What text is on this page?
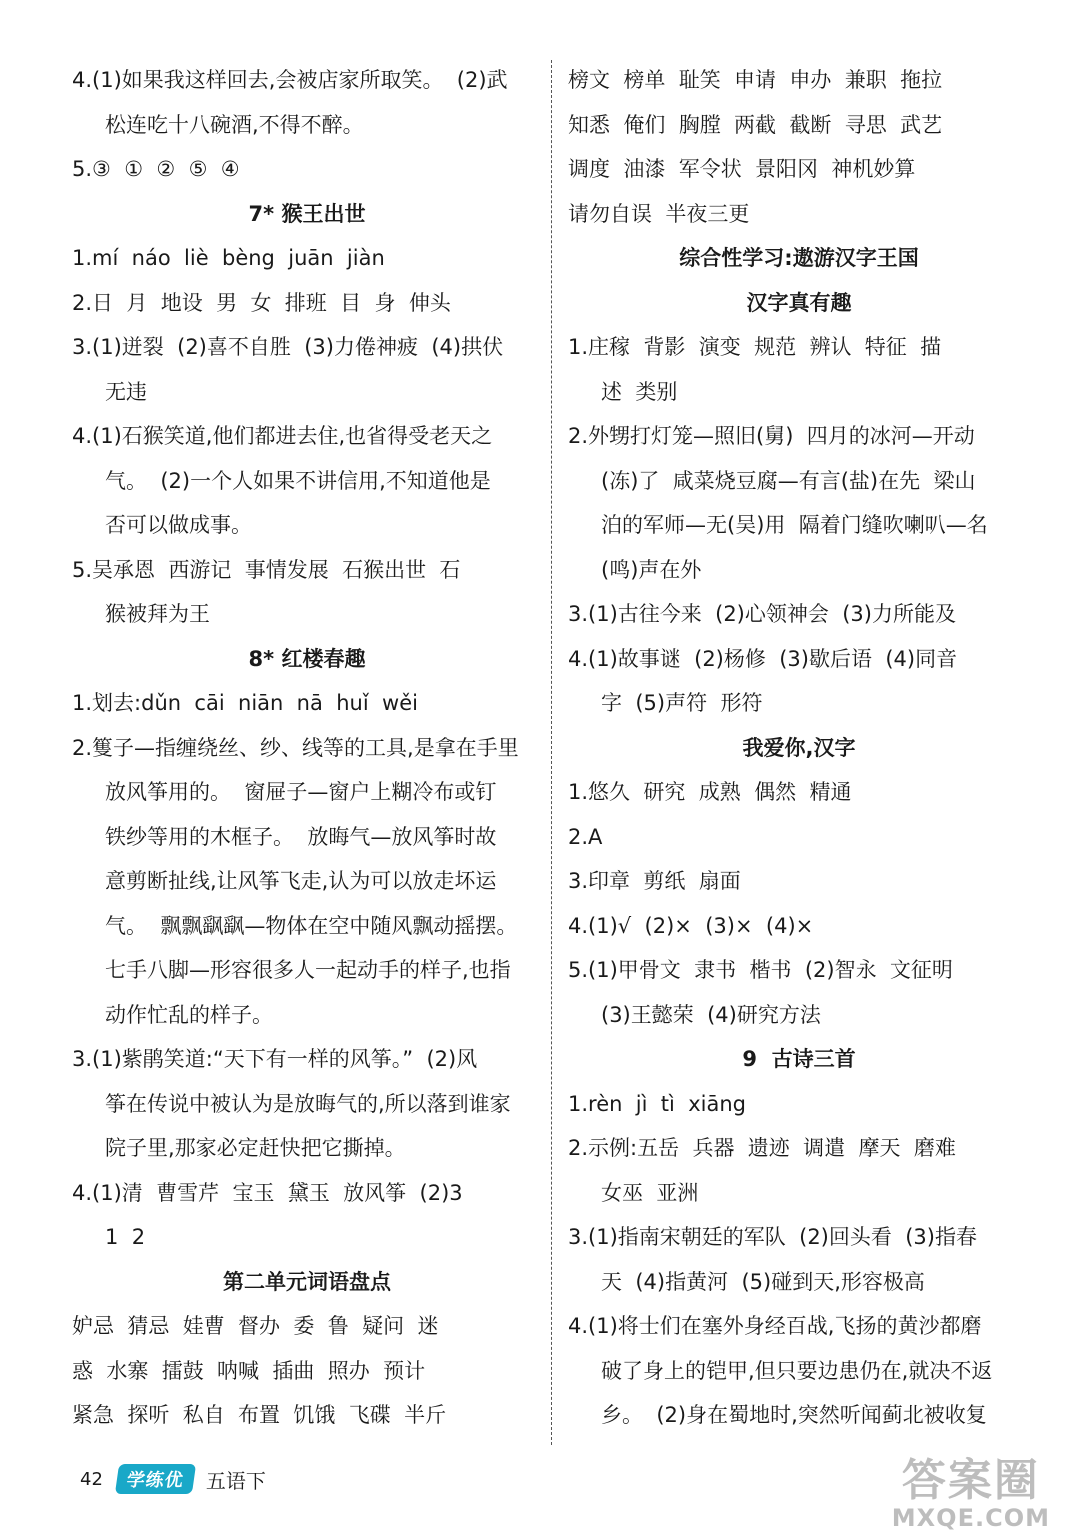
4.(1)如果我这样回去,会被店家所取笑。  (2)武
松连吃十八碗酒,不得不醉。
5.③  ①  ②  ⑤  ④
7* 猴王出世
1.mí  náo  liè  bèng  juān  jiàn
2.日  月  地设  男  女  排班  目  身  伸头
3.(1)迸裂  (2)喜不自胜  (3)力倦神疲  (4)拱伏
无违
4.(1)石猴笑道,他们都进去住,也省得受老天之
气。  (2)一个人如果不讲信用,不知道他是
否可以做成事。
5.吴承恩  西游记  事情发展  石猴出世  石
猴被拜为王
8* 红楼春趣
1.划去:dǔn  cāi  niān  nā  huǐ  wěi
2.篗子—指缠绕丝、纱、线等的工具,是拿在手里
放风筝用的。  窗屉子—窗户上糊冷布或钉
铁纱等用的木框子。  放晦气—放风筝时故
意剪断扯线,让风筝飞走,认为可以放走坏运
气。  飘飘飖飖—物体在空中随风飘动摇摆。
七手八脚—形容很多人一起动手的样子,也指
动作忙乱的样子。
3.(1)紫鹃笑道:“天下有一样的风筝。”  (2)风
筝在传说中被认为是放晦气的,所以落到谁家
院子里,那家必定赶快把它撕掉。
4.(1)清  曹雪芹  宝玉  黛玉  放风筝  (2)3
1  2
第二单元词语盘点
妒忌  猜忌  娃曹  督办  委  鲁  疑问  迷
惑  水寨  擂鼓  呐喊  插曲  照办  预计
紧急  探听  私自  布置  饥饿  飞碟  半斤
榜文  榜单  耻笑  申请  申办  兼职  拖拉
知悉  俺们  胸膛  两截  截断  寻思  武艺
调度  油漆  军令状  景阳冈  神机妙算
请勿自误  半夜三更
综合性学习:遨游汉字王国
汉字真有趣
1.庄稼  背影  演变  规范  辨认  特征  描
述  类别
2.外甥打灯笼—照旧(舅)  四月的冰河—开动
(冻)了  咸菜烧豆腐—有言(盐)在先  梁山
泊的军师—无(吴)用  隔着门缝吹喇叭—名
(鸣)声在外
3.(1)古往今来  (2)心领神会  (3)力所能及
4.(1)故事谜  (2)杨修  (3)歇后语  (4)同音
字  (5)声符  形符
我爱你,汉字
1.悠久  研究  成熟  偶然  精通
2.A
3.印章  剪纸  扇面
4.(1)√  (2)×  (3)×  (4)×
5.(1)甲骨文  隶书  楷书  (2)智永  文征明
(3)王懿荣  (4)研究方法
9  古诗三首
1.rèn  jì  tì  xiāng
2.示例:五岳  兵器  遗迹  调遣  摩天  磨难
女巫  亚洲
3.(1)指南宋朝廷的军队  (2)回头看  (3)指春
天  (4)指黄河  (5)碰到天,形容极高
4.(1)将士们在塞外身经百战,飞扬的黄沙都磨
破了身上的铠甲,但只要边患仍在,就决不返
乡。  (2)身在蜀地时,突然听闻蓟北被收复
42	学练优	五语下	答案圈
MXQE.COM
